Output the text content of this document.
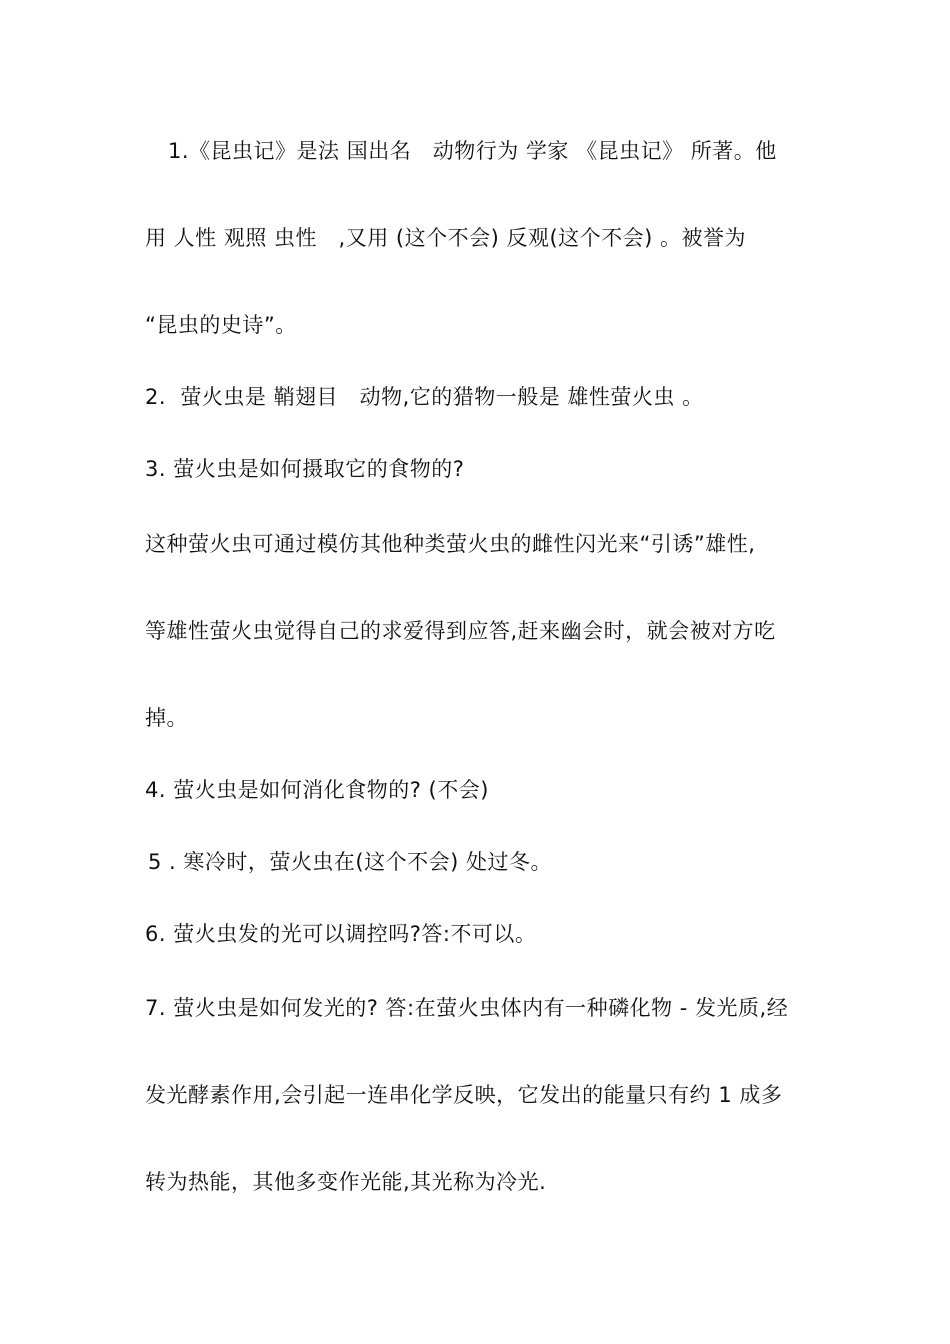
1.《昆虫记》是法 国出名   动物行为 学家 《昆虫记》 所著。他
用 人性 观照 虫性   ,又用 (这个不会) 反观(这个不会) 。被誉为
“昆虫的史诗”。
2.  萤火虫是 鞘翅目   动物,它的猎物一般是 雄性萤火虫 。
3. 萤火虫是如何摄取它的食物的?
这种萤火虫可通过模仿其他种类萤火虫的雌性闪光来“引诱”雄性,
等雄性萤火虫觉得自己的求爱得到应答,赶来幽会时，就会被对方吃
掉。
4. 萤火虫是如何消化食物的? (不会)
5 . 寒冷时，萤火虫在(这个不会) 处过冬。
6. 萤火虫发的光可以调控吗?答:不可以。
7. 萤火虫是如何发光的? 答:在萤火虫体内有一种磷化物 - 发光质,经
发光酵素作用,会引起一连串化学反映，它发出的能量只有约 1 成多
转为热能，其他多变作光能,其光称为冷光.
